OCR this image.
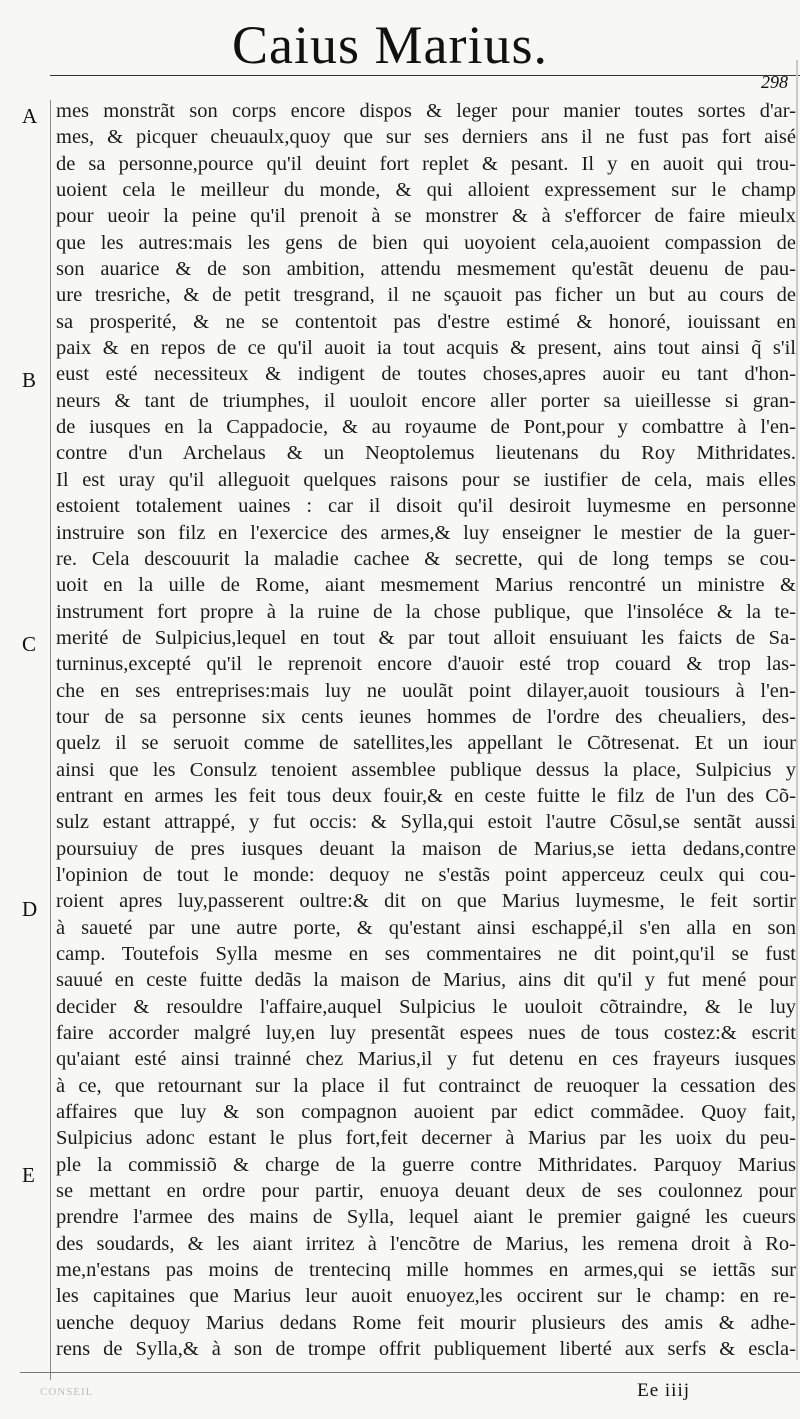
Caius Marius.
298
A
B
C
D
E
mes monstrãt son corps encore dispos & leger pour manier toutes sortes d'ar-
mes, & picquer cheuaulx,quoy que sur ses derniers ans il ne fust pas fort aisé
de sa personne,pource qu'il deuint fort replet & pesant. Il y en auoit qui trou-
uoient cela le meilleur du monde, & qui alloient expressement sur le champ
pour ueoir la peine qu'il prenoit à se monstrer & à s'efforcer de faire mieulx
que les autres:mais les gens de bien qui uoyoient cela,auoient compassion de
son auarice & de son ambition, attendu mesmement qu'estãt deuenu de pau-
ure tresriche, & de petit tresgrand, il ne sçauoit pas ficher un but au cours de
sa prosperité, & ne se contentoit pas d'estre estimé & honoré, iouissant en
paix & en repos de ce qu'il auoit ia tout acquis & present, ains tout ainsi q̃ s'il
eust esté necessiteux & indigent de toutes choses,apres auoir eu tant d'hon-
neurs & tant de triumphes, il uouloit encore aller porter sa uieillesse si gran-
de iusques en la Cappadocie, & au royaume de Pont,pour y combattre à l'en-
contre d'un Archelaus & un Neoptolemus lieutenans du Roy Mithridates.
Il est uray qu'il alleguoit quelques raisons pour se iustifier de cela, mais elles
estoient totalement uaines : car il disoit qu'il desiroit luymesme en personne
instruire son filz en l'exercice des armes,& luy enseigner le mestier de la guer-
re. Cela descouurit la maladie cachee & secrette, qui de long temps se cou-
uoit en la uille de Rome, aiant mesmement Marius rencontré un ministre &
instrument fort propre à la ruine de la chose publique, que l'insoléce & la te-
merité de Sulpicius,lequel en tout & par tout alloit ensuiuant les faicts de Sa-
turninus,excepté qu'il le reprenoit encore d'auoir esté trop couard & trop las-
che en ses entreprises:mais luy ne uoulãt point dilayer,auoit tousiours à l'en-
tour de sa personne six cents ieunes hommes de l'ordre des cheualiers, des-
quelz il se seruoit comme de satellites,les appellant le Cõtresenat. Et un iour
ainsi que les Consulz tenoient assemblee publique dessus la place, Sulpicius y
entrant en armes les feit tous deux fouir,& en ceste fuitte le filz de l'un des Cõ-
sulz estant attrappé, y fut occis: & Sylla,qui estoit l'autre Cõsul,se sentãt aussi
poursuiuy de pres iusques deuant la maison de Marius,se ietta dedans,contre
l'opinion de tout le monde: dequoy ne s'estãs point apperceuz ceulx qui cou-
roient apres luy,passerent oultre:& dit on que Marius luymesme, le feit sortir
à saueté par une autre porte, & qu'estant ainsi eschappé,il s'en alla en son
camp. Toutefois Sylla mesme en ses commentaires ne dit point,qu'il se fust
sauué en ceste fuitte dedãs la maison de Marius, ains dit qu'il y fut mené pour
decider & resouldre l'affaire,auquel Sulpicius le uouloit cõtraindre, & le luy
faire accorder malgré luy,en luy presentãt espees nues de tous costez:& escrit
qu'aiant esté ainsi trainné chez Marius,il y fut detenu en ces frayeurs iusques
à ce, que retournant sur la place il fut contrainct de reuoquer la cessation des
affaires que luy & son compagnon auoient par edict commãdee. Quoy fait,
Sulpicius adonc estant le plus fort,feit decerner à Marius par les uoix du peu-
ple la commissiõ & charge de la guerre contre Mithridates. Parquoy Marius
se mettant en ordre pour partir, enuoya deuant deux de ses coulonnez pour
prendre l'armee des mains de Sylla, lequel aiant le premier gaigné les cueurs
des soudards, & les aiant irritez à l'encõtre de Marius, les remena droit à Ro-
me,n'estans pas moins de trentecinq mille hommes en armes,qui se iettãs sur
les capitaines que Marius leur auoit enuoyez,les occirent sur le champ: en re-
uenche dequoy Marius dedans Rome feit mourir plusieurs des amis & adhe-
rens de Sylla,& à son de trompe offrit publiquement liberté aux serfs & escla-
CONSEIL	Ee iiij
